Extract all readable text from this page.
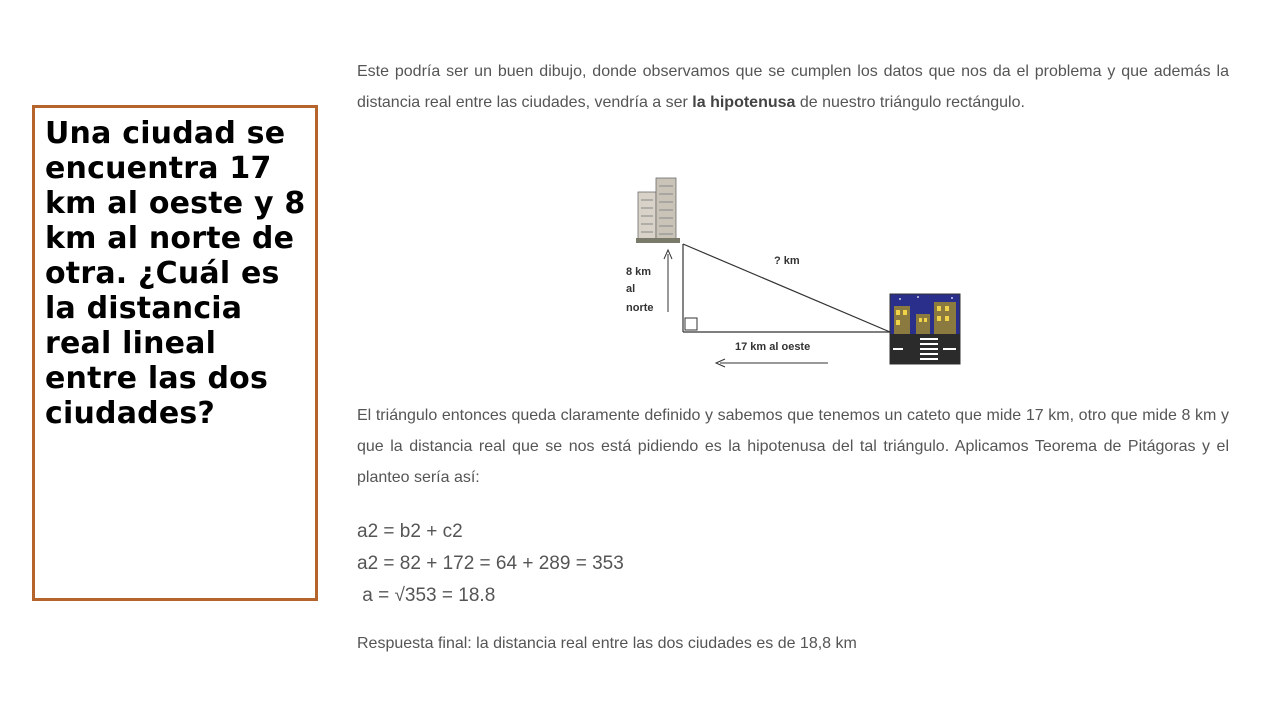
Una ciudad se encuentra 17 km al oeste y 8 km al norte de otra. ¿Cuál es la distancia real lineal entre las dos ciudades?

Este podría ser un buen dibujo, donde observamos que se cumplen los datos que nos da el problema y que además la distancia real entre las ciudades, vendría a ser la hipotenusa de nuestro triángulo rectángulo.

? km
8 km
al
norte
17 km al oeste

El triángulo entonces queda claramente definido y sabemos que tenemos un cateto que mide 17 km, otro que mide 8 km y que la distancia real que se nos está pidiendo es la hipotenusa del tal triángulo. Aplicamos Teorema de Pitágoras y el planteo sería así:

a2 = b2 + c2

a2 = 82 + 172 = 64 + 289 = 353

a = √353 = 18.8

Respuesta final: la distancia real entre las dos ciudades es de 18,8 km
